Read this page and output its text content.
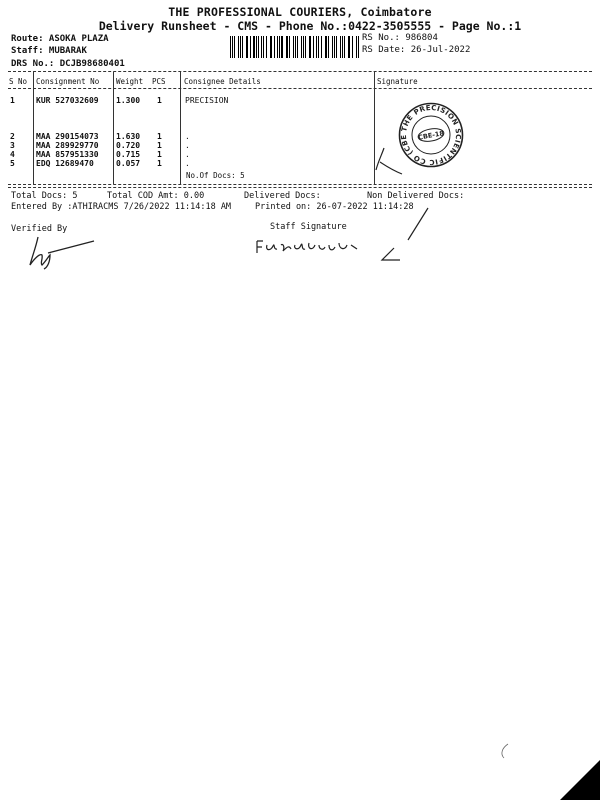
THE PROFESSIONAL COURIERS, Coimbatore
Delivery Runsheet - CMS - Phone No.:0422-3505555 - Page No.:1
Route: ASOKA PLAZA
Staff: MUBARAK
DRS No.: DCJB98680401
RS No.: 986804
RS Date: 26-Jul-2022
S No Consignment No Weight PCS Consignee Details	Signature
1	KUR 527032609 1.300 1	PRECISION
2	MAA 290154073 1.630 1	.
3	MAA 289929770 0.720 1	.
4	MAA 857951330 0.715 1	.
5	EDQ 12689470	0.057 1	.
No.Of Docs: 5
THE PRECISION SCIENTIFIC CO (CBE	CBE-18
Total Docs: 5	Total COD Amt: 0.00	Delivered Docs:	Non Delivered Docs:
Entered By :ATHIRACMS 7/26/2022 11:14:18 AM	Printed on: 26-07-2022 11:14:28
Verified By	Staff Signature
